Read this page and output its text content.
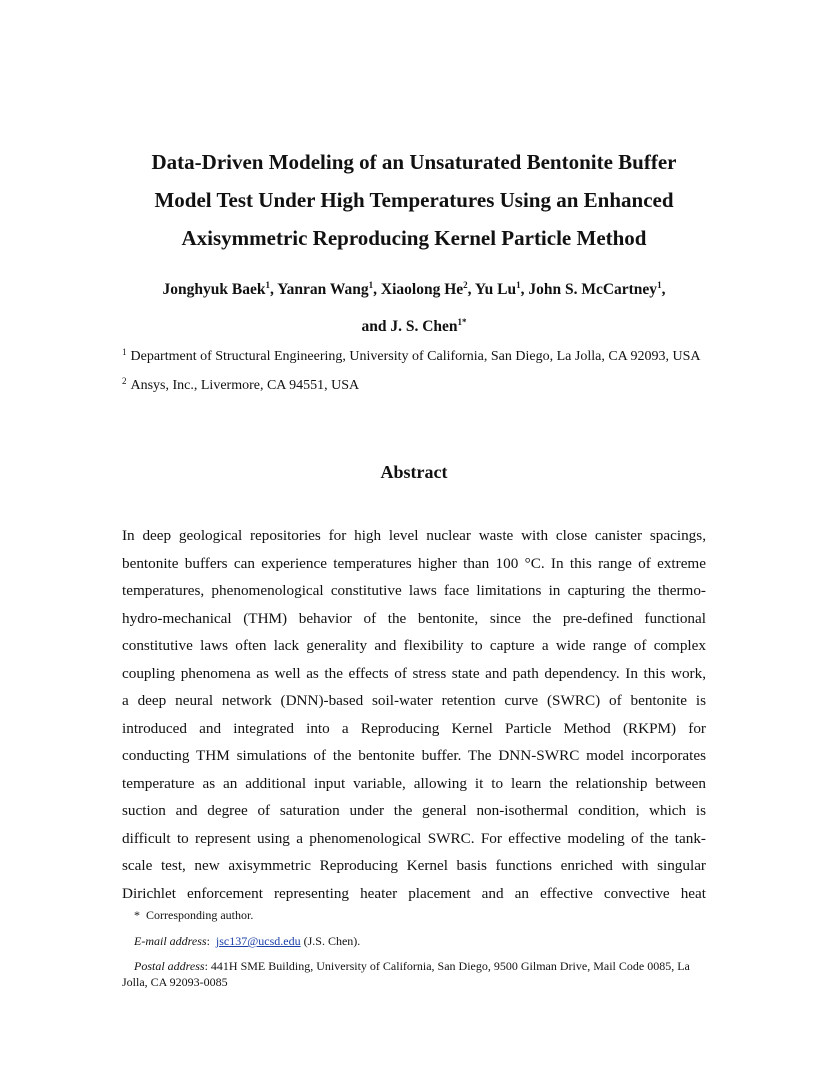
Data-Driven Modeling of an Unsaturated Bentonite Buffer
Model Test Under High Temperatures Using an Enhanced
Axisymmetric Reproducing Kernel Particle Method
Jonghyuk Baek$^1$, Yanran Wang$^1$, Xiaolong He$^2$, Yu Lu$^1$, John S. McCartney$^1$,
and J. S. Chen$^{1*}$
$^1$ Department of Structural Engineering, University of California, San Diego, La Jolla, CA 92093, USA
$^2$ Ansys, Inc., Livermore, CA 94551, USA
Abstract
In deep geological repositories for high level nuclear waste with close canister spacings,
bentonite buffers can experience temperatures higher than 100 °C. In this range of extreme
temperatures, phenomenological constitutive laws face limitations in capturing the thermo-
hydro-mechanical (THM) behavior of the bentonite, since the pre-defined functional
constitutive laws often lack generality and flexibility to capture a wide range of complex
coupling phenomena as well as the effects of stress state and path dependency. In this work,
a deep neural network (DNN)-based soil-water retention curve (SWRC) of bentonite is
introduced and integrated into a Reproducing Kernel Particle Method (RKPM) for
conducting THM simulations of the bentonite buffer. The DNN-SWRC model incorporates
temperature as an additional input variable, allowing it to learn the relationship between
suction and degree of saturation under the general non-isothermal condition, which is
difficult to represent using a phenomenological SWRC. For effective modeling of the tank-
scale test, new axisymmetric Reproducing Kernel basis functions enriched with singular
Dirichlet enforcement representing heater placement and an effective convective heat

* Corresponding author.

E-mail address:  jsc137@ucsd.edu (J.S. Chen).

Postal address: 441H SME Building, University of California, San Diego, 9500 Gilman Drive, Mail Code 0085, La Jolla, CA 92093-0085
